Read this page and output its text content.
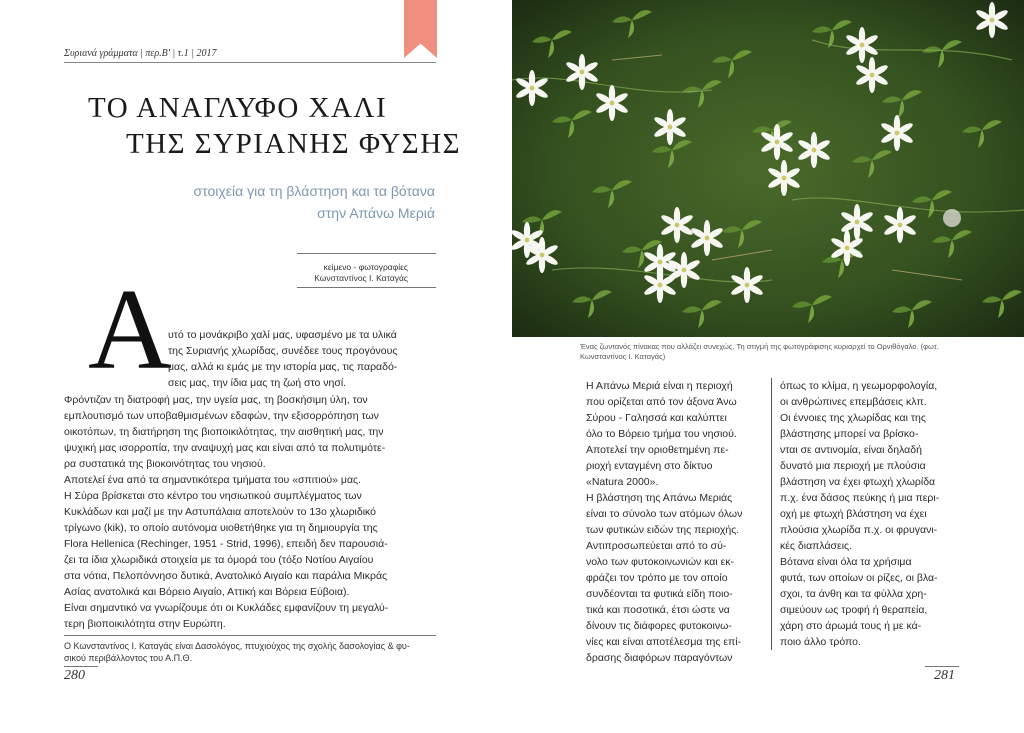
Συριανά γράμματα | περ.Β' | τ.1 | 2017
ΤΟ ΑΝΑΓΛΥΦΟ ΧΑΛΙ
ΤΗΣ ΣΥΡΙΑΝΗΣ ΦΥΣΗΣ
στοιχεία για τη βλάστηση και τα βότανα
στην Απάνω Μεριά
κείμενο - φωτογραφίες
Κωνσταντίνος Ι. Καταγάς
Α
υτό το μονάκριβο χαλί μας, υφασμένο με τα υλικά
της Συριανής χλωρίδας, συνέδεε τους προγόνους
μας, αλλά κι εμάς με την ιστορία μας, τις παραδό-
σεις μας, την ίδια μας τη ζωή στο νησί.
Φρόντιζαν τη διατροφή μας, την υγεία μας, τη βοσκήσιμη ύλη, τον
εμπλουτισμό των υποβαθμισμένων εδαφών, την εξισορρόπηση των
οικοτόπων, τη διατήρηση της βιοποικιλότητας, την αισθητική μας, την
ψυχική μας ισορροπία, την αναψυχή μας και είναι από τα πολυτιμότε-
ρα συστατικά της βιοκοινότητας του νησιού.
Αποτελεί ένα από τα σημαντικότερα τμήματα του «σπιτιού» μας.
Η Σύρα βρίσκεται στο κέντρο του νησιωτικού συμπλέγματος των
Κυκλάδων και μαζί με την Αστυπάλαια αποτελούν το 13ο χλωριδικό
τρίγωνο (kik), το οποίο αυτόνομα υιοθετήθηκε για τη δημιουργία της
Flora Hellenica (Rechinger, 1951 - Strid, 1996), επειδή δεν παρουσιά-
ζει τα ίδια χλωριδικά στοιχεία με τα όμορά του (τόξο Νοτίου Αιγαίου
στα νότια, Πελοπόννησο δυτικά, Ανατολικό Αιγαίο και παράλια Μικράς
Ασίας ανατολικά και Βόρειο Αιγαίο, Αττική και Βόρεια Εύβοια).
Είναι σημαντικό να γνωρίζουμε ότι οι Κυκλάδες εμφανίζουν τη μεγαλύ-
τερη βιοποικιλότητα στην Ευρώπη.
Ο Κωνσταντίνος Ι. Καταγάς είναι Δασολόγος, πτυχιούχος της σχολής δασολογίας & φυ-
σικού περιβάλλοντος του Α.Π.Θ.
280
Ένας ζωντανός πίνακας που αλλάζει συνεχώς. Τη στιγμή της φωτογράφισης κυριαρχεί το Ορνιθόγαλο. (φωτ.
Κωνσταντίνος Ι. Καταγάς)
Η Απάνω Μεριά είναι η περιοχή
που ορίζεται από τον άξονα Άνω
Σύρου - Γαλησσά και καλύπτει
όλο το Βόρειο τμήμα του νησιού.
Αποτελεί την οριοθετημένη πε-
ριοχή ενταγμένη στο δίκτυο
«Natura 2000».
Η βλάστηση της Απάνω Μεριάς
είναι το σύνολο των ατόμων όλων
των φυτικών ειδών της περιοχής.
Αντιπροσωπεύεται από το σύ-
νολο των φυτοκοινωνιών και εκ-
φράζει τον τρόπο με τον οποίο
συνδέονται τα φυτικά είδη ποιο-
τικά και ποσοτικά, έτσι ώστε να
δίνουν τις διάφορες φυτοκοινω-
νίες και είναι αποτέλεσμα της επί-
δρασης διαφόρων παραγόντων
όπως το κλίμα, η γεωμορφολογία,
οι ανθρώπινες επεμβάσεις κλπ.
Οι έννοιες της χλωρίδας και της
βλάστησης μπορεί να βρίσκο-
νται σε αντινομία, είναι δηλαδή
δυνατό μια περιοχή με πλούσια
βλάστηση να έχει φτωχή χλωρίδα
π.χ. ένα δάσος πεύκης ή μια περι-
οχή με φτωχή βλάστηση να έχει
πλούσια χλωρίδα π.χ. οι φρυγανι-
κές διαπλάσεις.
Βότανα είναι όλα τα χρήσιμα
φυτά, των οποίων οι ρίζες, οι βλα-
σχοι, τα άνθη και τα φύλλα χρη-
σιμεύουν ως τροφή ή θεραπεία,
χάρη στο άρωμά τους ή με κά-
ποιο άλλο τρόπο.
281
